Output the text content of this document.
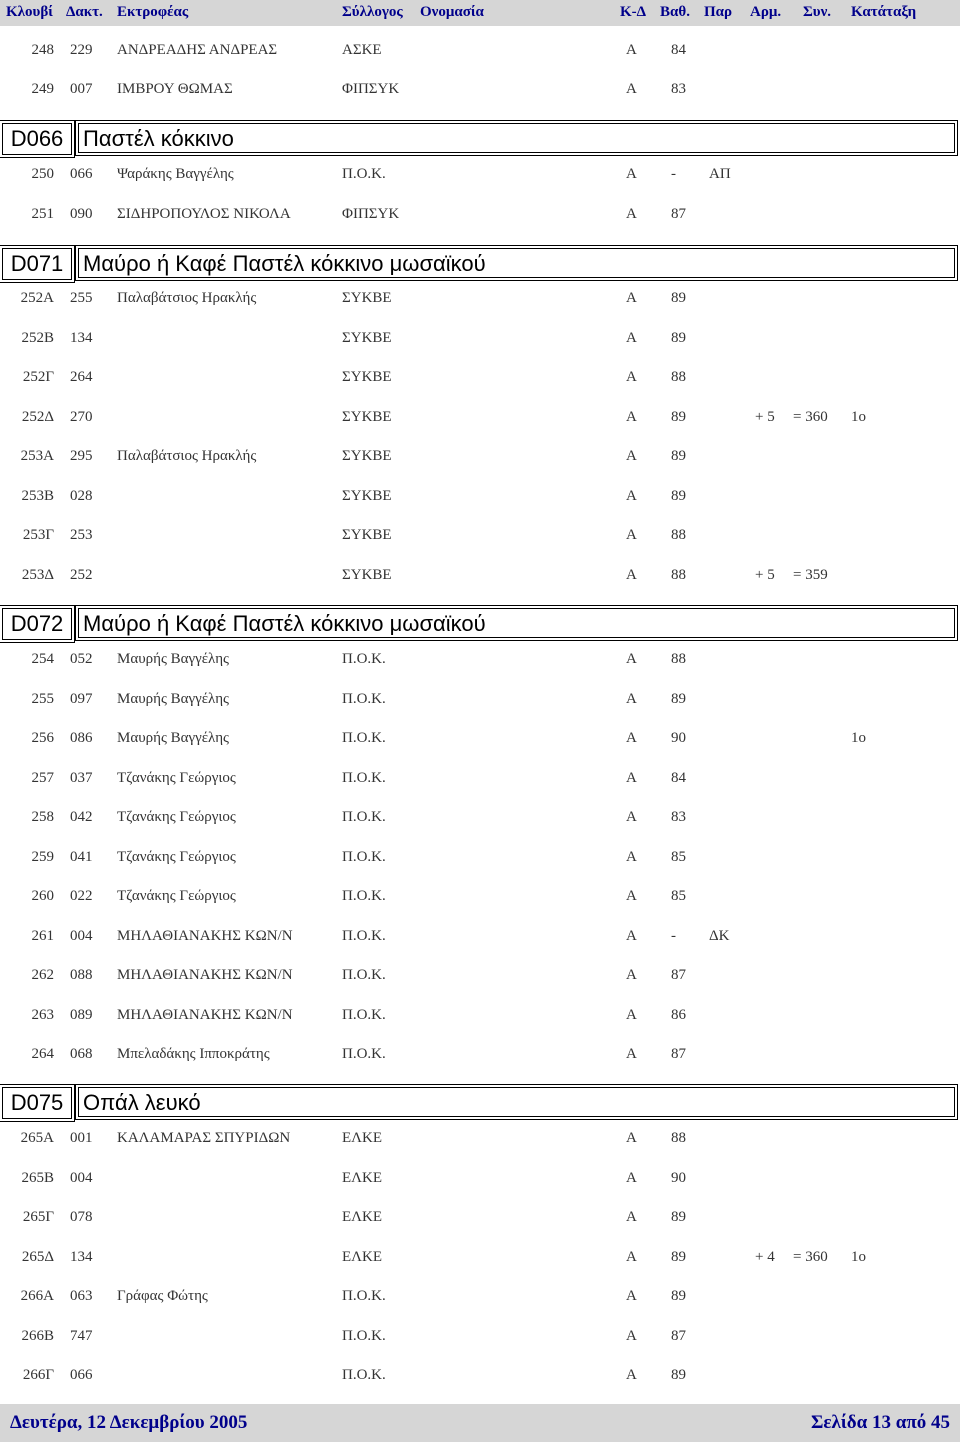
Κλουβί Δακτ. Εκτροφέας	Σύλλογος Ονομασία	Κ-Δ Βαθ. Παρ Αρμ. Συν. Κατάταξη
248 229 ΑΝΔΡΕΑΔΗΣ ΑΝΔΡΕΑΣ	ΑΣΚΕ	Α 84
249 007 ΙΜΒΡΟΥ ΘΩΜΑΣ	ΦΙΠΣΥΚ	Α 83
D066 Παστέλ κόκκινο
250 066 Ψαράκης Βαγγέλης	Π.Ο.Κ.	Α - ΑΠ
251 090 ΣΙΔΗΡΟΠΟΥΛΟΣ ΝΙΚΟΛΑ	ΦΙΠΣΥΚ	Α 87
D071 Μαύρο ή Καφέ Παστέλ κόκκινο μωσαϊκού
252Α 255 Παλαβάτσιος Ηρακλής	ΣΥΚΒΕ	Α 89
252Β 134	ΣΥΚΒΕ	Α 89
252Γ 264	ΣΥΚΒΕ	Α 88
252Δ 270	ΣΥΚΒΕ	Α 89	+ 5 = 360 1ο
253Α 295 Παλαβάτσιος Ηρακλής	ΣΥΚΒΕ	Α 89
253Β 028	ΣΥΚΒΕ	Α 89
253Γ 253	ΣΥΚΒΕ	Α 88
253Δ 252	ΣΥΚΒΕ	Α 88	+ 5 = 359
D072 Μαύρο ή Καφέ Παστέλ κόκκινο μωσαϊκού
254 052 Μαυρής Βαγγέλης	Π.Ο.Κ.	Α 88
255 097 Μαυρής Βαγγέλης	Π.Ο.Κ.	Α 89
256 086 Μαυρής Βαγγέλης	Π.Ο.Κ.	Α 90	1ο
257 037 Τζανάκης Γεώργιος	Π.Ο.Κ.	Α 84
258 042 Τζανάκης Γεώργιος	Π.Ο.Κ.	Α 83
259 041 Τζανάκης Γεώργιος	Π.Ο.Κ.	Α 85
260 022 Τζανάκης Γεώργιος	Π.Ο.Κ.	Α 85
261 004 ΜΗΛΑΘΙΑΝΑΚΗΣ ΚΩΝ/Ν	Π.Ο.Κ.	Α - ΔΚ
262 088 ΜΗΛΑΘΙΑΝΑΚΗΣ ΚΩΝ/Ν	Π.Ο.Κ.	Α 87
263 089 ΜΗΛΑΘΙΑΝΑΚΗΣ ΚΩΝ/Ν	Π.Ο.Κ.	Α 86
264 068 Μπελαδάκης Ιπποκράτης	Π.Ο.Κ.	Α 87
D075 Οπάλ λευκό
265Α 001 ΚΑΛΑΜΑΡΑΣ ΣΠΥΡΙΔΩΝ	ΕΛΚΕ	Α 88
265Β 004	ΕΛΚΕ	Α 90
265Γ 078	ΕΛΚΕ	Α 89
265Δ 134	ΕΛΚΕ	Α 89	+ 4 = 360 1ο
266Α 063 Γράφας Φώτης	Π.Ο.Κ.	Α 89
266Β 747	Π.Ο.Κ.	Α 87
266Γ 066	Π.Ο.Κ.	Α 89
Δευτέρα, 12 Δεκεμβρίου 2005	Σελίδα 13 από 45
